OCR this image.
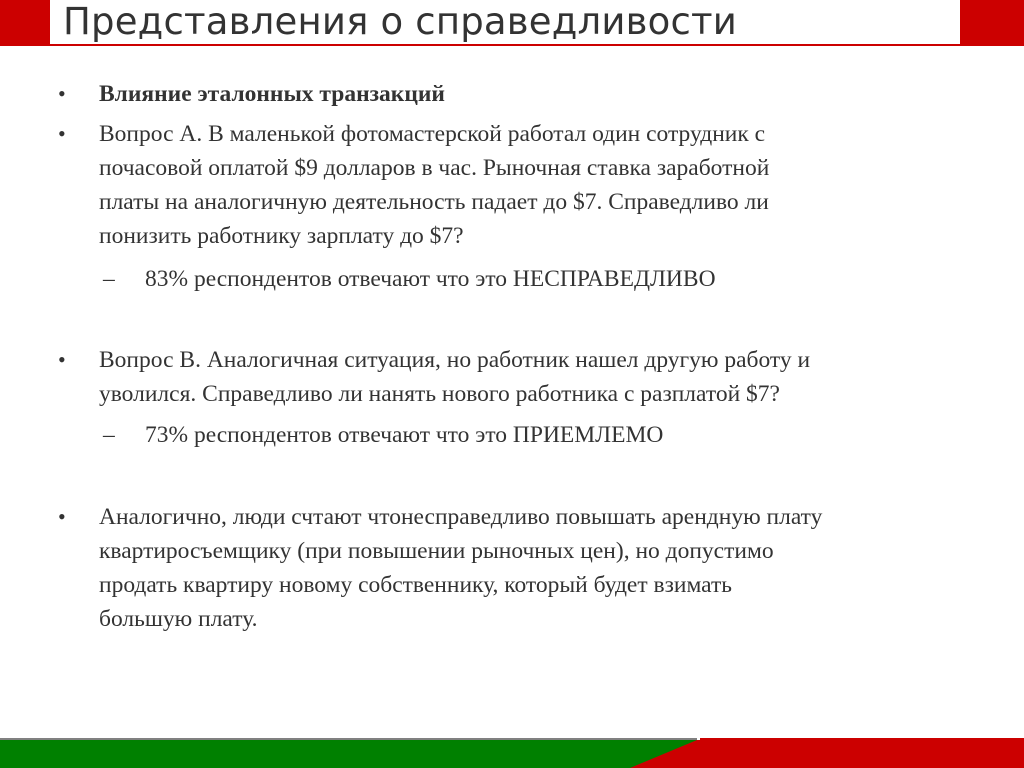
Представления о справедливости
• Влияние эталонных транзакций
• Вопрос А. В маленькой фотомастерской работал один сотрудник с
почасовой оплатой $9 долларов в час. Рыночная ставка заработной
платы на аналогичную деятельность падает до $7. Справедливо ли
понизить работнику зарплату до $7?
– 83% респондентов отвечают что это НЕСПРАВЕДЛИВО
• Вопрос В. Аналогичная ситуация, но работник нашел другую работу и
уволился. Справедливо ли нанять нового работника с разплатой $7?
– 73% респондентов отвечают что это ПРИЕМЛЕМО
• Аналогично, люди счтают чтонесправедливо повышать арендную плату
квартиросъемщику (при повышении рыночных цен), но допустимо
продать квартиру новому собственнику, который будет взимать
большую плату.
